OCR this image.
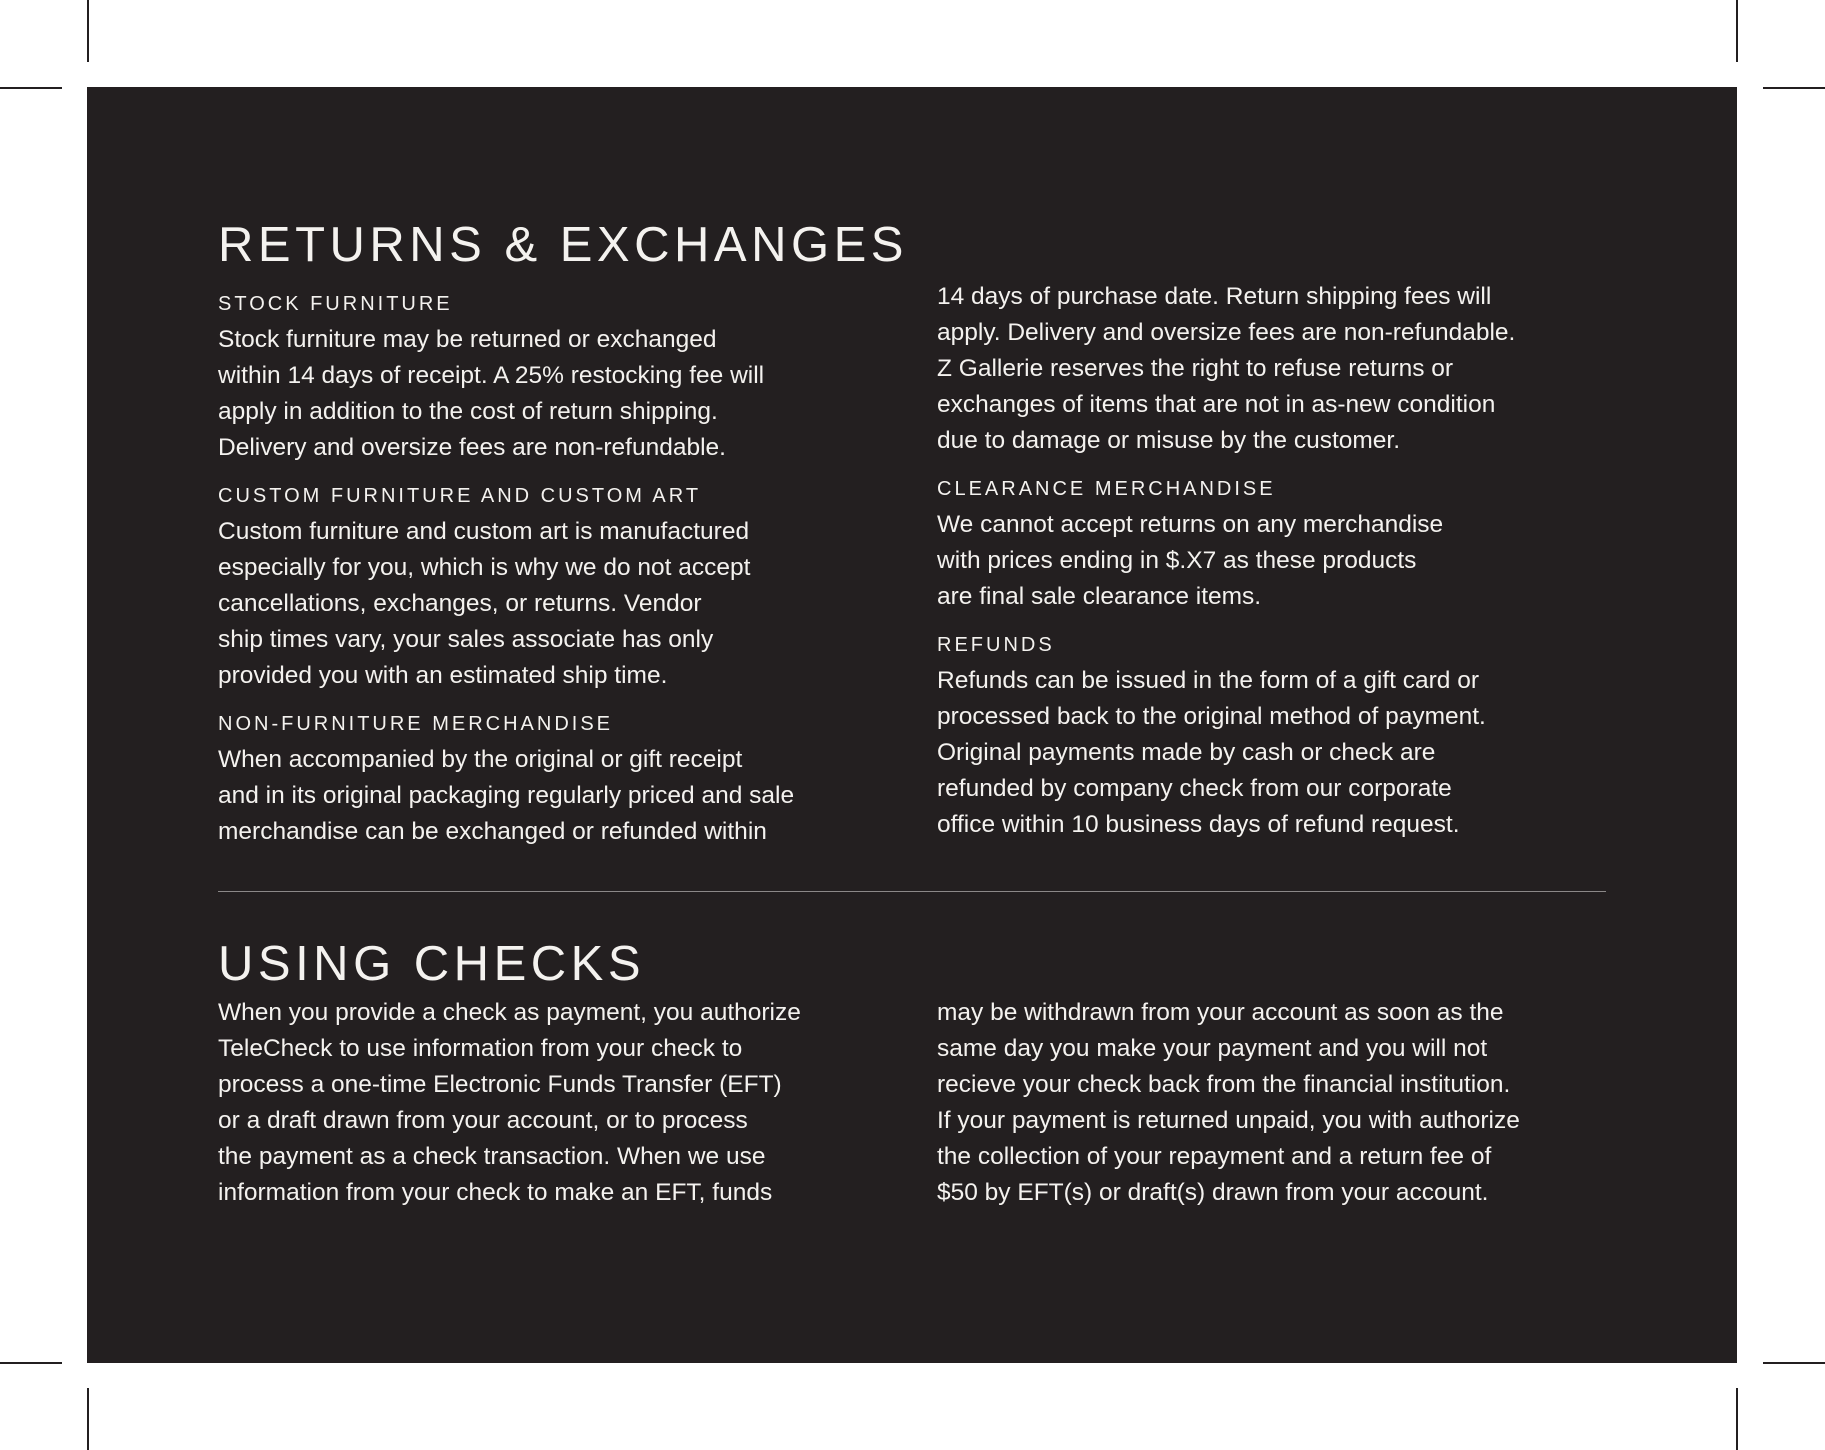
RETURNS & EXCHANGES
STOCK FURNITURE

Stock furniture may be returned or exchanged
within 14 days of receipt. A 25% restocking fee will
apply in addition to the cost of return shipping.
Delivery and oversize fees are non-refundable.

CUSTOM FURNITURE AND CUSTOM ART

Custom furniture and custom art is manufactured
especially for you, which is why we do not accept
cancellations, exchanges, or returns. Vendor
ship times vary, your sales associate has only
provided you with an estimated ship time.

NON-FURNITURE MERCHANDISE

When accompanied by the original or gift receipt
and in its original packaging regularly priced and sale
merchandise can be exchanged or refunded within

14 days of purchase date. Return shipping fees will
apply. Delivery and oversize fees are non-refundable.
Z Gallerie reserves the right to refuse returns or
exchanges of items that are not in as-new condition
due to damage or misuse by the customer.

CLEARANCE MERCHANDISE

We cannot accept returns on any merchandise
with prices ending in $.X7 as these products
are final sale clearance items.

REFUNDS

Refunds can be issued in the form of a gift card or
processed back to the original method of payment.
Original payments made by cash or check are
refunded by company check from our corporate
office within 10 business days of refund request.

USING CHECKS

When you provide a check as payment, you authorize
TeleCheck to use information from your check to
process a one-time Electronic Funds Transfer (EFT)
or a draft drawn from your account, or to process
the payment as a check transaction. When we use
information from your check to make an EFT, funds

may be withdrawn from your account as soon as the
same day you make your payment and you will not
recieve your check back from the financial institution.
If your payment is returned unpaid, you with authorize
the collection of your repayment and a return fee of
$50 by EFT(s) or draft(s) drawn from your account.
